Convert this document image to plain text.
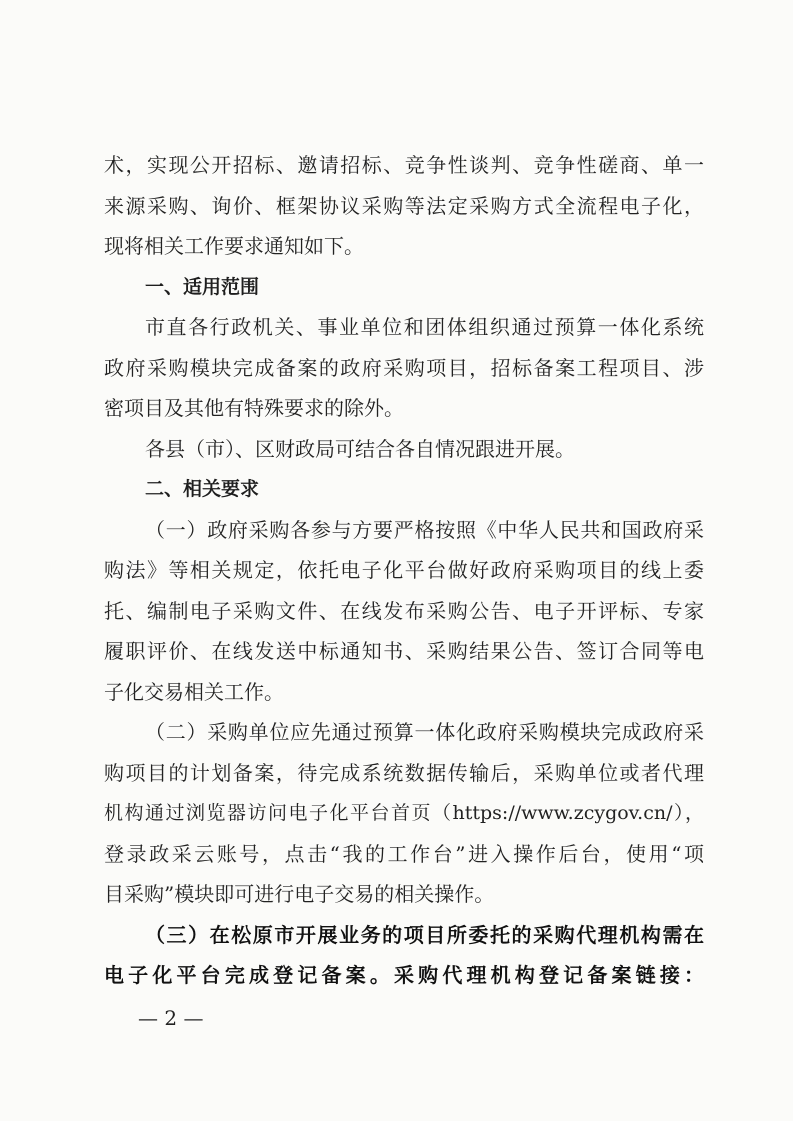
术，实现公开招标、邀请招标、竞争性谈判、竞争性磋商、单一
来源采购、询价、框架协议采购等法定采购方式全流程电子化，
现将相关工作要求通知如下。
一、适用范围
市直各行政机关、事业单位和团体组织通过预算一体化系统
政府采购模块完成备案的政府采购项目，招标备案工程项目、涉
密项目及其他有特殊要求的除外。
各县（市）、区财政局可结合各自情况跟进开展。
二、相关要求
（一）政府采购各参与方要严格按照《中华人民共和国政府采
购法》等相关规定，依托电子化平台做好政府采购项目的线上委
托、编制电子采购文件、在线发布采购公告、电子开评标、专家
履职评价、在线发送中标通知书、采购结果公告、签订合同等电
子化交易相关工作。
（二）采购单位应先通过预算一体化政府采购模块完成政府采
购项目的计划备案，待完成系统数据传输后，采购单位或者代理
机构通过浏览器访问电子化平台首页（https://www.zcygov.cn/），
登录政采云账号，点击“我的工作台”进入操作后台，使用“项
目采购”模块即可进行电子交易的相关操作。
（三）在松原市开展业务的项目所委托的采购代理机构需在
电子化平台完成登记备案。采购代理机构登记备案链接：
— 2 —
